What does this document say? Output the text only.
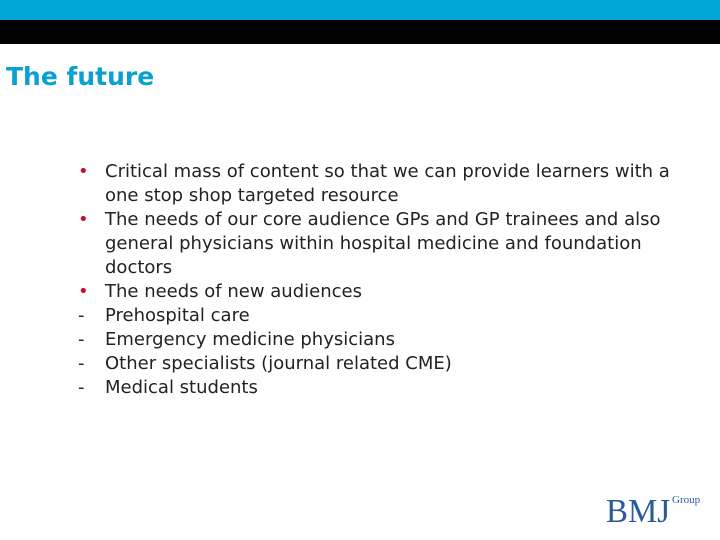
The future
• Critical mass of content so that we can provide learners with a one stop shop targeted resource
• The needs of our core audience GPs and GP trainees and also general physicians within hospital medicine and foundation doctors
• The needs of new audiences
-	Prehospital care
-	Emergency medicine physicians
-	Other specialists (journal related CME)
-	Medical students
BMJ Group
